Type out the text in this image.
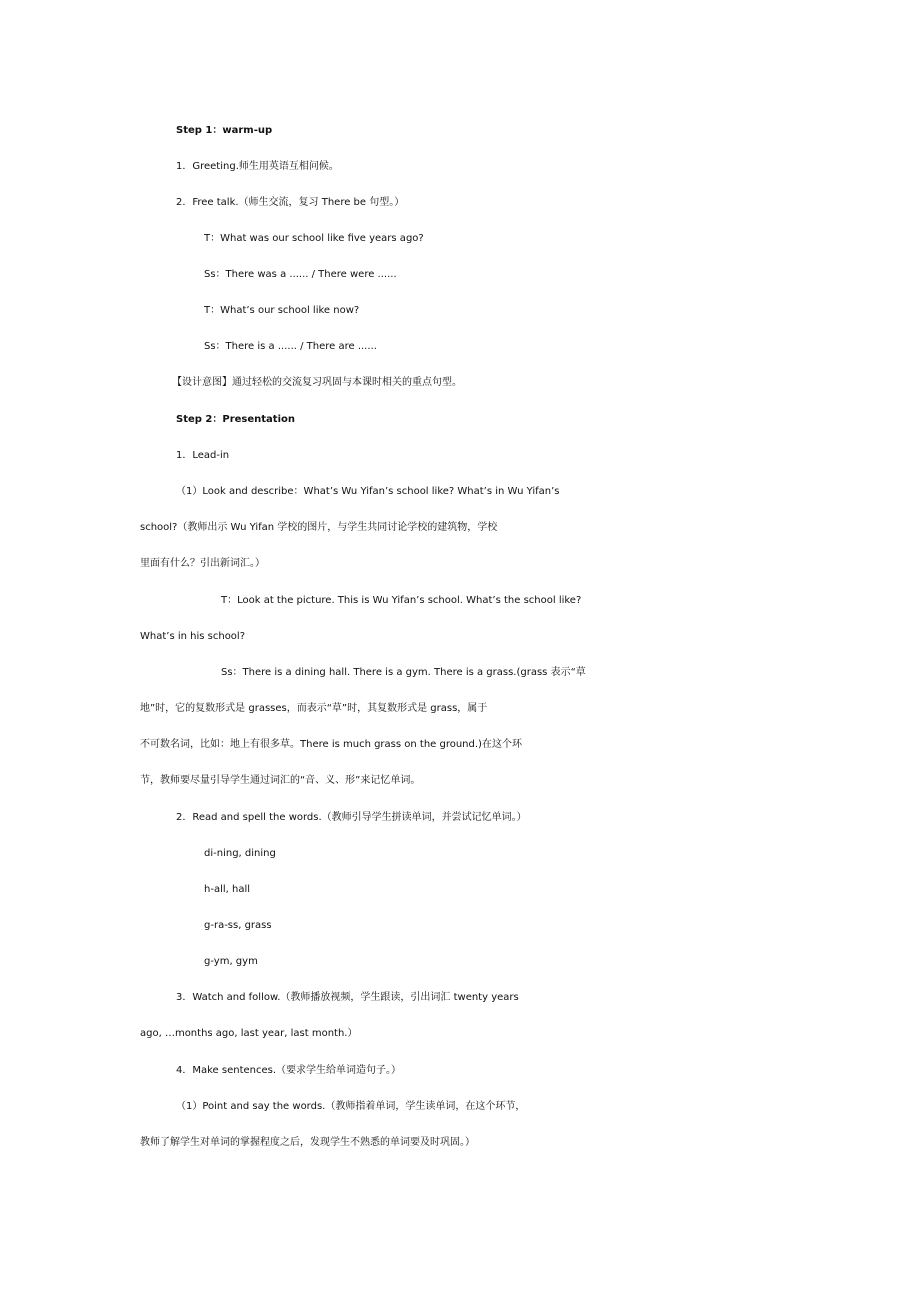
Step 1：warm-up
1．Greeting.师生用英语互相问候。
2．Free talk.（师生交流，复习 There be 句型。）
T：What was our school like five years ago?
Ss：There was a ...... / There were ......
T：What’s our school like now?
Ss：There is a ...... / There are ......
【设计意图】通过轻松的交流复习巩固与本课时相关的重点句型。
Step 2：Presentation
1．Lead-in
（1）Look and describe：What’s Wu Yifan’s school like? What’s in Wu Yifan’s
school?（教师出示 Wu Yifan 学校的图片，与学生共同讨论学校的建筑物，学校
里面有什么？引出新词汇。）
T：Look at the picture. This is Wu Yifan’s school. What’s the school like?
What’s in his school?
Ss：There is a dining hall. There is a gym. There is a grass.(grass 表示“草
地”时，它的复数形式是 grasses，而表示“草”时，其复数形式是 grass，属于
不可数名词，比如：地上有很多草。There is much grass on the ground.)在这个环
节，教师要尽量引导学生通过词汇的“音、义、形”来记忆单词。
2．Read and spell the words.（教师引导学生拼读单词，并尝试记忆单词。）
di-ning, dining
h-all, hall
g-ra-ss, grass
g-ym, gym
3．Watch and follow.（教师播放视频，学生跟读，引出词汇 twenty years
ago, …months ago, last year, last month.）
4．Make sentences.（要求学生给单词造句子。）
（1）Point and say the words.（教师指着单词，学生读单词，在这个环节，
教师了解学生对单词的掌握程度之后，发现学生不熟悉的单词要及时巩固。）
